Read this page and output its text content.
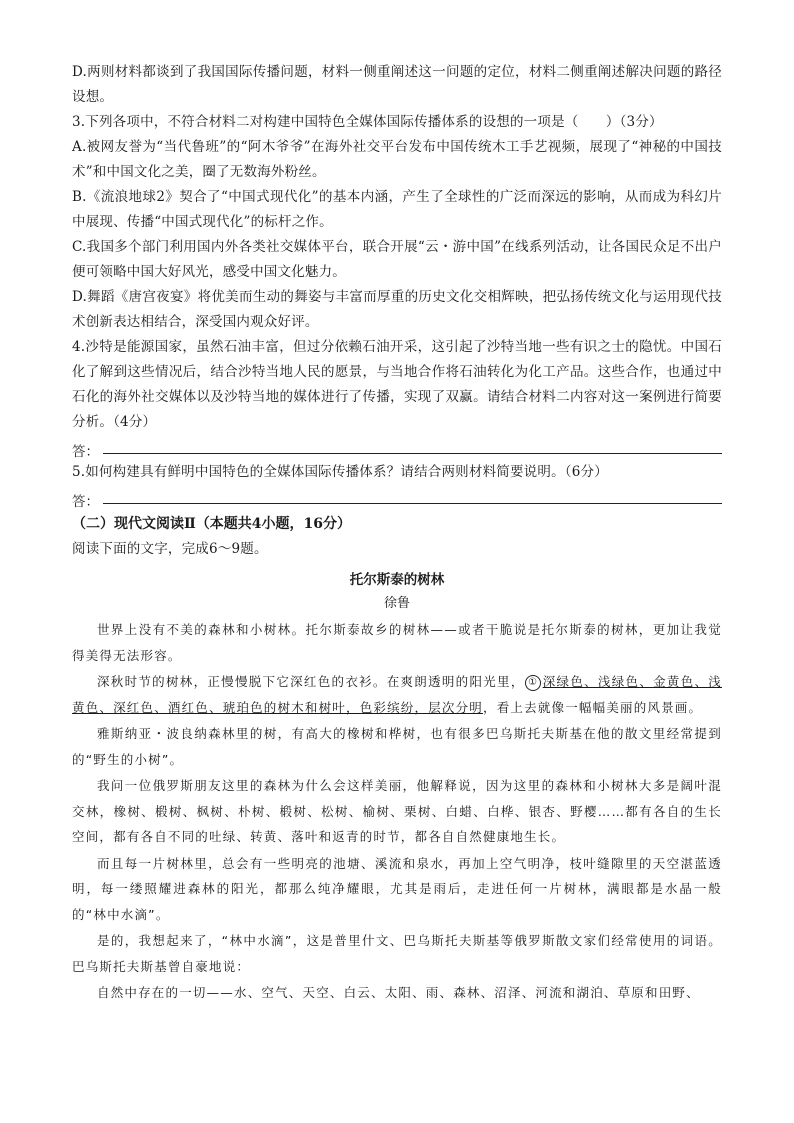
D.两则材料都谈到了我国国际传播问题，材料一侧重阐述这一问题的定位，材料二侧重阐述解决问题的路径设想。

3.下列各项中，不符合材料二对构建中国特色全媒体国际传播体系的设想的一项是（　　）（3分）

A.被网友誉为“当代鲁班”的“阿木爷爷”在海外社交平台发布中国传统木工手艺视频，展现了“神秘的中国技术”和中国文化之美，圈了无数海外粉丝。

B.《流浪地球2》契合了“中国式现代化”的基本内涵，产生了全球性的广泛而深远的影响，从而成为科幻片中展现、传播“中国式现代化”的标杆之作。

C.我国多个部门利用国内外各类社交媒体平台，联合开展“云・游中国”在线系列活动，让各国民众足不出户便可领略中国大好风光，感受中国文化魅力。

D.舞蹈《唐宫夜宴》将优美而生动的舞姿与丰富而厚重的历史文化交相辉映，把弘扬传统文化与运用现代技术创新表达相结合，深受国内观众好评。

4.沙特是能源国家，虽然石油丰富，但过分依赖石油开采，这引起了沙特当地一些有识之士的隐忧。中国石化了解到这些情况后，结合沙特当地人民的愿景，与当地合作将石油转化为化工产品。这些合作，也通过中石化的海外社交媒体以及沙特当地的媒体进行了传播，实现了双赢。请结合材料二内容对这一案例进行简要分析。（4分）

答：

5.如何构建具有鲜明中国特色的全媒体国际传播体系？请结合两则材料简要说明。（6分）

答：

（二）现代文阅读Ⅱ（本题共4小题，16分）

阅读下面的文字，完成6～9题。

托尔斯泰的树林
徐鲁

世界上没有不美的森林和小树林。托尔斯泰故乡的树林——或者干脆说是托尔斯泰的树林，更加让我觉得美得无法形容。

深秋时节的树林，正慢慢脱下它深红色的衣衫。在爽朗透明的阳光里， ① 深绿色、浅绿色、金黄色、浅黄色、深红色、酒红色、琥珀色的树木和树叶，色彩缤纷，层次分明，看上去就像一幅幅美丽的风景画。

雅斯纳亚・波良纳森林里的树，有高大的橡树和桦树，也有很多巴乌斯托夫斯基在他的散文里经常提到的“野生的小树”。

我问一位俄罗斯朋友这里的森林为什么会这样美丽，他解释说，因为这里的森林和小树林大多是阔叶混交林，橡树、椴树、枫树、朴树、椴树、松树、榆树、栗树、白蜡、白桦、银杏、野樱……都有各自的生长空间，都有各自不同的吐绿、转黄、落叶和返青的时节，都各自自然健康地生长。

而且每一片树林里，总会有一些明亮的池塘、溪流和泉水，再加上空气明净，枝叶缝隙里的天空湛蓝透明，每一缕照耀进森林的阳光，都那么纯净耀眼，尤其是雨后，走进任何一片树林，满眼都是水晶一般的“林中水滴”。

是的，我想起来了，“林中水滴”，这是普里什文、巴乌斯托夫斯基等俄罗斯散文家们经常使用的词语。巴乌斯托夫斯基曾自豪地说：

自然中存在的一切——水、空气、天空、白云、太阳、雨、森林、沼泽、河流和湖泊、草原和田野、
